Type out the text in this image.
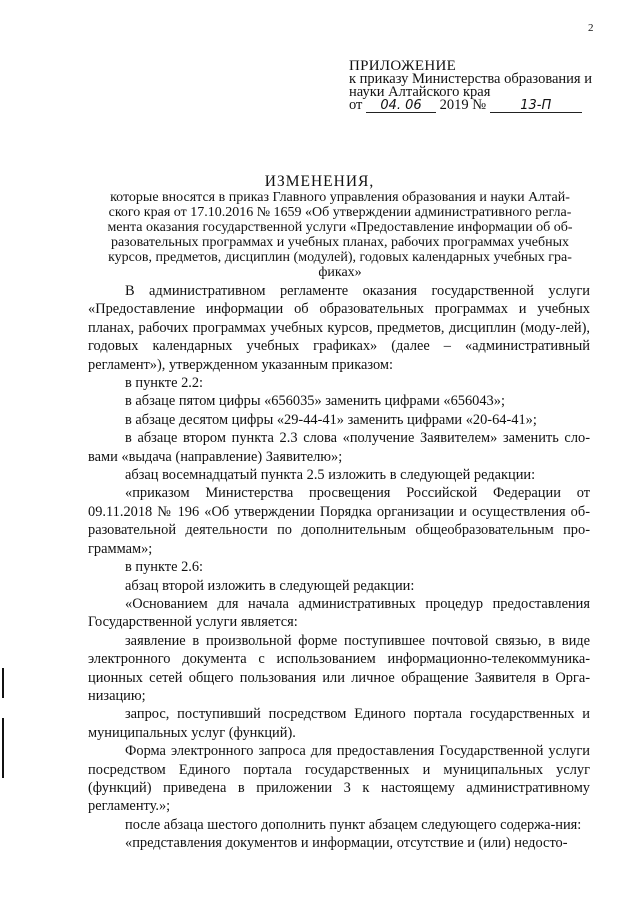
2
ПРИЛОЖЕНИЕ
к приказу Министерства образования и
науки Алтайского края
от 04. 06 2019 №	13-П
ИЗМЕНЕНИЯ,
которые вносятся в приказ Главного управления образования и науки Алтай-
ского края от 17.10.2016 № 1659 «Об утверждении административного регла-
мента оказания государственной услуги «Предоставление информации об об-
разовательных программах и учебных планах, рабочих программах учебных
курсов, предметов, дисциплин (модулей), годовых календарных учебных гра-
фиках»

В административном регламенте оказания государственной услуги «Предоставление информации об образовательных программах и учебных планах, рабочих программах учебных курсов, предметов, дисциплин (моду-лей), годовых календарных учебных графиках» (далее – «административный регламент»), утвержденном указанным приказом:

в пункте 2.2:

в абзаце пятом цифры «656035» заменить цифрами «656043»;

в абзаце десятом цифры «29-44-41» заменить цифрами «20-64-41»;

в абзаце втором пункта 2.3 слова «получение Заявителем» заменить сло-вами «выдача (направление) Заявителю»;

абзац восемнадцатый пункта 2.5 изложить в следующей редакции:

«приказом Министерства просвещения Российской Федерации от 09.11.2018 № 196 «Об утверждении Порядка организации и осуществления об-разовательной деятельности по дополнительным общеобразовательным про-граммам»;

в пункте 2.6:

абзац второй изложить в следующей редакции:

«Основанием для начала административных процедур предоставления Государственной услуги является:

заявление в произвольной форме поступившее почтовой связью, в виде электронного документа с использованием информационно-телекоммуника-ционных сетей общего пользования или личное обращение Заявителя в Орга-низацию;

запрос, поступивший посредством Единого портала государственных и муниципальных услуг (функций).

Форма электронного запроса для предоставления Государственной услуги посредством Единого портала государственных и муниципальных услуг (функций) приведена в приложении 3 к настоящему административному регламенту.»;

после абзаца шестого дополнить пункт абзацем следующего содержа-ния:

«представления документов и информации, отсутствие и (или) недосто-
